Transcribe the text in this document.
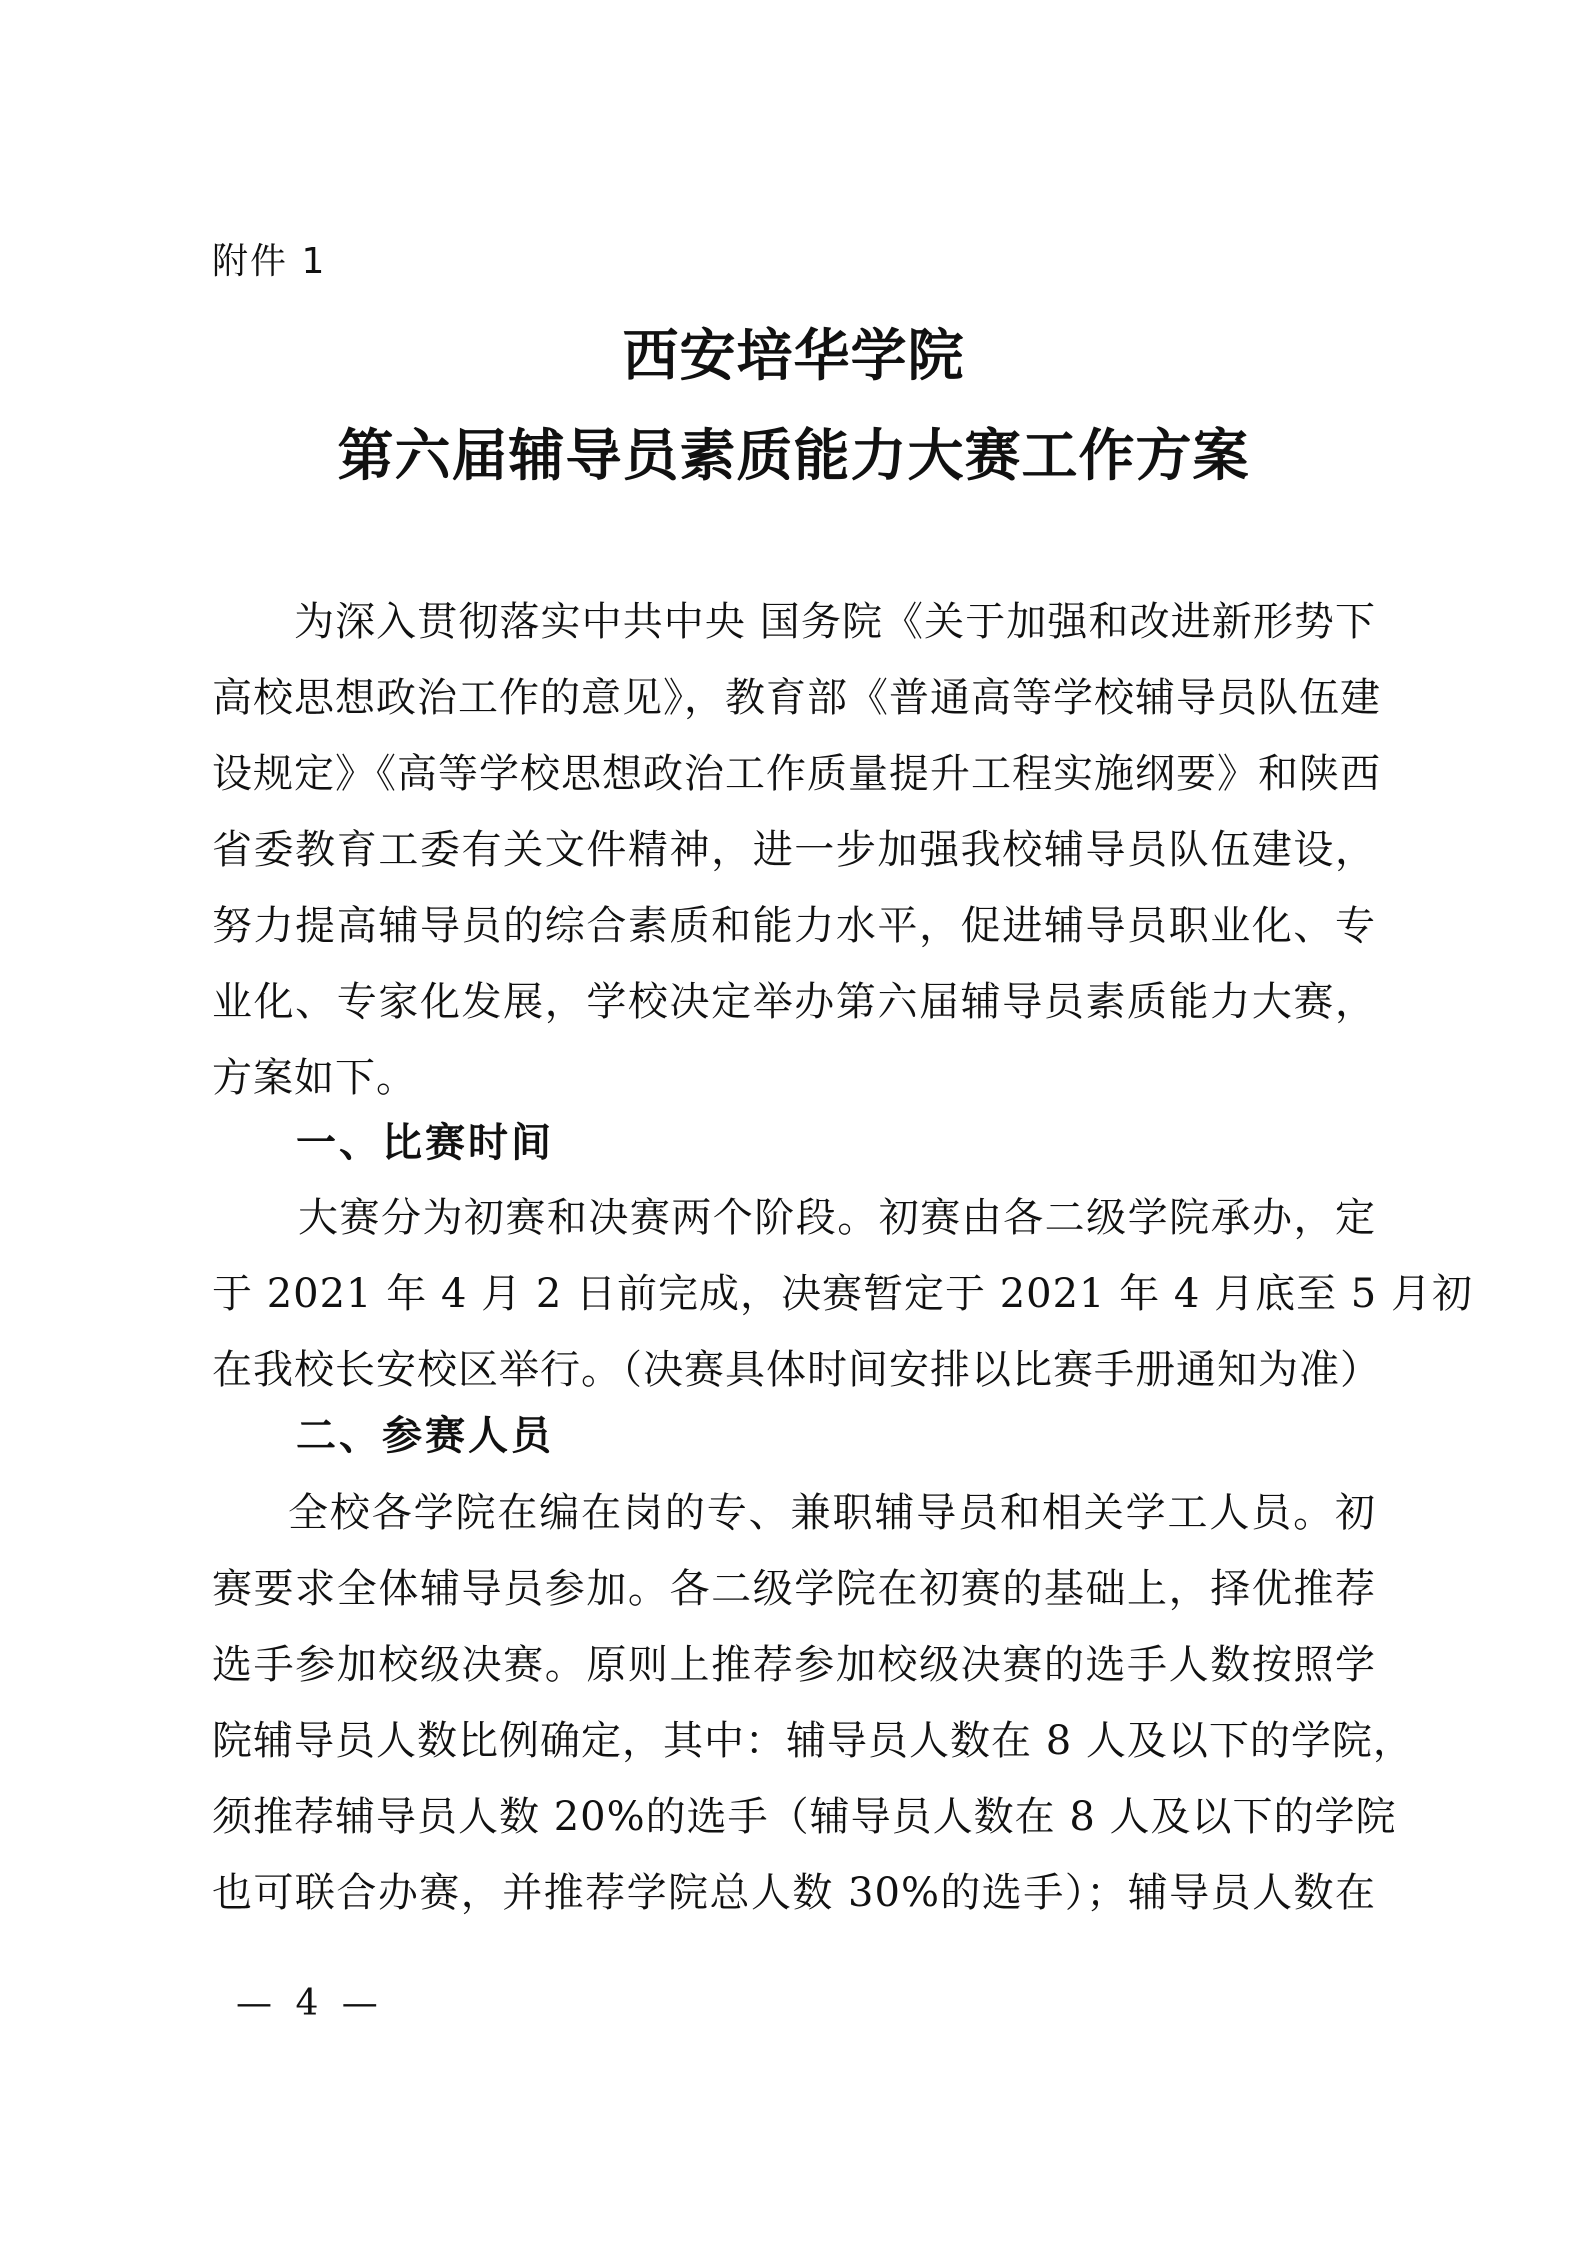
附件 1
西安培华学院
第六届辅导员素质能力大赛工作方案
为深入贯彻落实中共中央 国务院《关于加强和改进新形势下
高校思想政治工作的意见》，教育部《普通高等学校辅导员队伍建
设规定》《高等学校思想政治工作质量提升工程实施纲要》和陕西
省委教育工委有关文件精神，进一步加强我校辅导员队伍建设，
努力提高辅导员的综合素质和能力水平，促进辅导员职业化、专
业化、专家化发展，学校决定举办第六届辅导员素质能力大赛，
方案如下。
一、比赛时间
大赛分为初赛和决赛两个阶段。初赛由各二级学院承办，定
于 2021 年 4 月 2 日前完成，决赛暂定于 2021 年 4 月底至 5 月初
在我校长安校区举行。（决赛具体时间安排以比赛手册通知为准）
二、参赛人员
全校各学院在编在岗的专、兼职辅导员和相关学工人员。初
赛要求全体辅导员参加。各二级学院在初赛的基础上，择优推荐
选手参加校级决赛。原则上推荐参加校级决赛的选手人数按照学
院辅导员人数比例确定，其中：辅导员人数在 8 人及以下的学院，
须推荐辅导员人数 20%的选手（辅导员人数在 8 人及以下的学院
也可联合办赛，并推荐学院总人数 30%的选手）；辅导员人数在
— 4 —
